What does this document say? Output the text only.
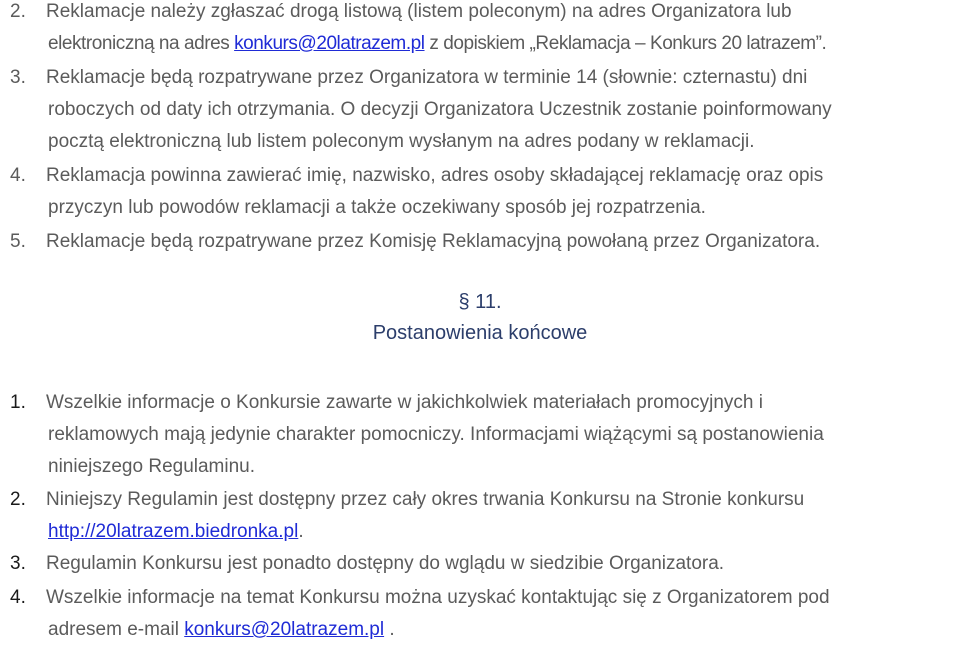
2. Reklamacje należy zgłaszać drogą listową (listem poleconym) na adres Organizatora lub
elektroniczną na adres konkurs@20latrazem.pl z dopiskiem „Reklamacja – Konkurs 20 latrazem”.
3. Reklamacje będą rozpatrywane przez Organizatora w terminie 14 (słownie: czternastu) dni
roboczych od daty ich otrzymania. O decyzji Organizatora Uczestnik zostanie poinformowany
pocztą elektroniczną lub listem poleconym wysłanym na adres podany w reklamacji.
4. Reklamacja powinna zawierać imię, nazwisko, adres osoby składającej reklamację oraz opis
przyczyn lub powodów reklamacji a także oczekiwany sposób jej rozpatrzenia.
5. Reklamacje będą rozpatrywane przez Komisję Reklamacyjną powołaną przez Organizatora.
§ 11.
Postanowienia końcowe
1. Wszelkie informacje o Konkursie zawarte w jakichkolwiek materiałach promocyjnych i
reklamowych mają jedynie charakter pomocniczy. Informacjami wiążącymi są postanowienia
niniejszego Regulaminu.
2. Niniejszy Regulamin jest dostępny przez cały okres trwania Konkursu na Stronie konkursu
http://20latrazem.biedronka.pl.
3. Regulamin Konkursu jest ponadto dostępny do wglądu w siedzibie Organizatora.
4. Wszelkie informacje na temat Konkursu można uzyskać kontaktując się z Organizatorem pod
adresem e-mail konkurs@20latrazem.pl .
